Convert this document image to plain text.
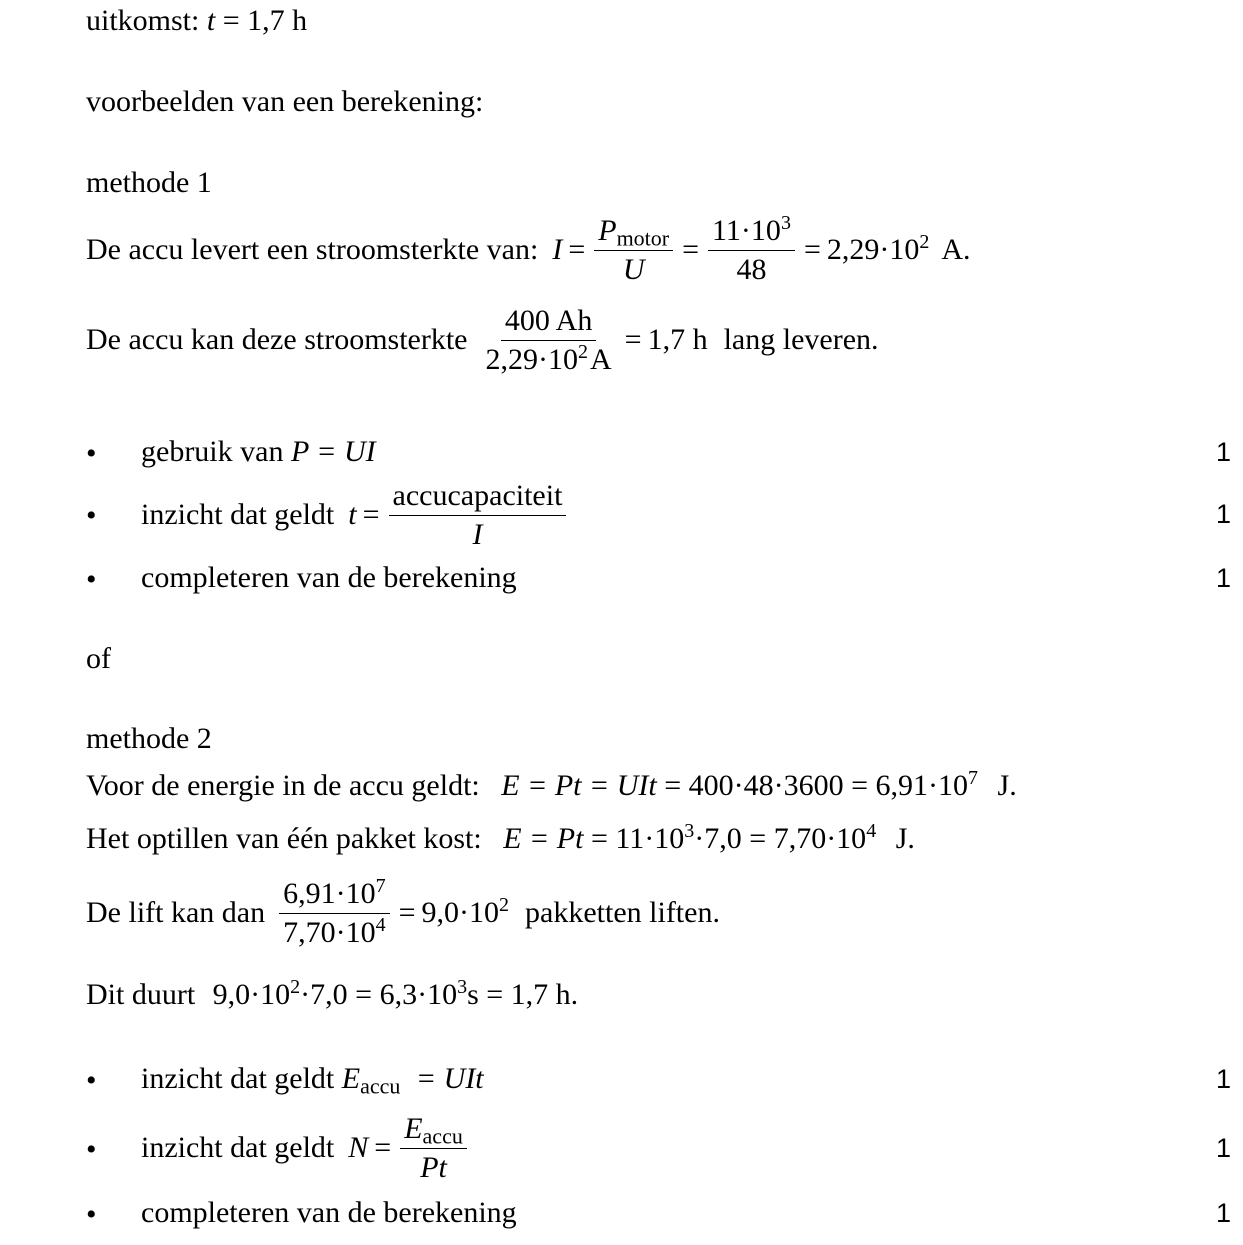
uitkomst: t = 1,7 h
voorbeelden van een berekening:
methode 1
De accu levert een stroomsterkte van: $I = \frac{P_{motor}}{U} = \frac{11\cdot 10^3}{48} = 2,29\cdot 10^2$ A.
De accu kan deze stroomsterkte $\frac{400 Ah}{2,29\cdot 10^2A} = 1,7$ h lang leveren.
• gebruik van P = UI	1
• inzicht dat geldt $t = \frac{\text{accucapaciteit}}{I}$	1
• completeren van de berekening	1
of
methode 2
Voor de energie in de accu geldt: E = Pt = UIt = $400\cdot 48\cdot 3600 = 6,91\cdot 10^7$ J.
Het optillen van één pakket kost: $E = Pt = 11\cdot 10^3\cdot 7,0 = 7,70\cdot 10^4$ J.
De lift kan dan $\frac{6,91\cdot 10^7}{7,70\cdot 10^4} = 9,0\cdot 10^2$ pakketten liften.
Dit duurt $9,0\cdot 10^2\cdot 7,0 = 6,3\cdot 10^3s = 1,7$ h.
• inzicht dat geldt $E_{accu}$ = UIt	1
• inzicht dat geldt $N = \frac{E_{accu}}{Pt}$	1
• completeren van de berekening	1
